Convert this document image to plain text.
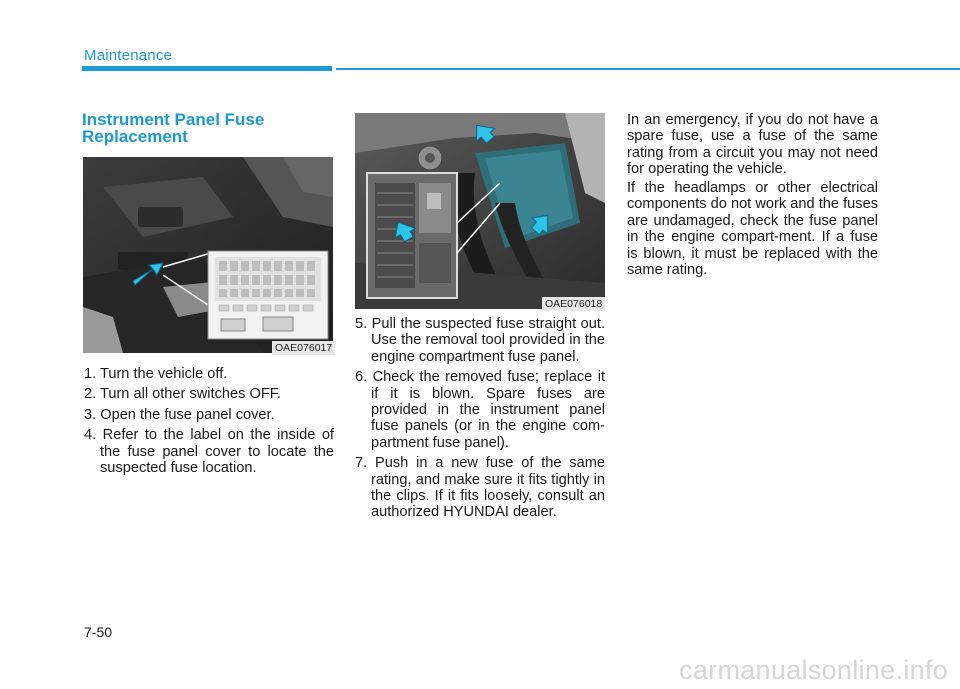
Maintenance
Instrument Panel Fuse Replacement
OAE076017
OAE076018
1. Turn the vehicle off.
2. Turn all other switches OFF.
3. Open the fuse panel cover.
4. Refer to the label on the inside of the fuse panel cover to locate the suspected fuse location.
5. Pull the suspected fuse straight out. Use the removal tool provided in the engine compartment fuse panel.
6. Check the removed fuse; replace it if it is blown. Spare fuses are provided in the instrument panel fuse panels (or in the engine com-partment fuse panel).
7. Push in a new fuse of the same rating, and make sure it fits tightly in the clips. If it fits loosely, consult an authorized HYUNDAI dealer.

In an emergency, if you do not have a spare fuse, use a fuse of the same rating from a circuit you may not need for operating the vehicle.

If the headlamps or other electrical components do not work and the fuses are undamaged, check the fuse panel in the engine compart-ment. If a fuse is blown, it must be replaced with the same rating.

7-50
carmanualsonline.info
